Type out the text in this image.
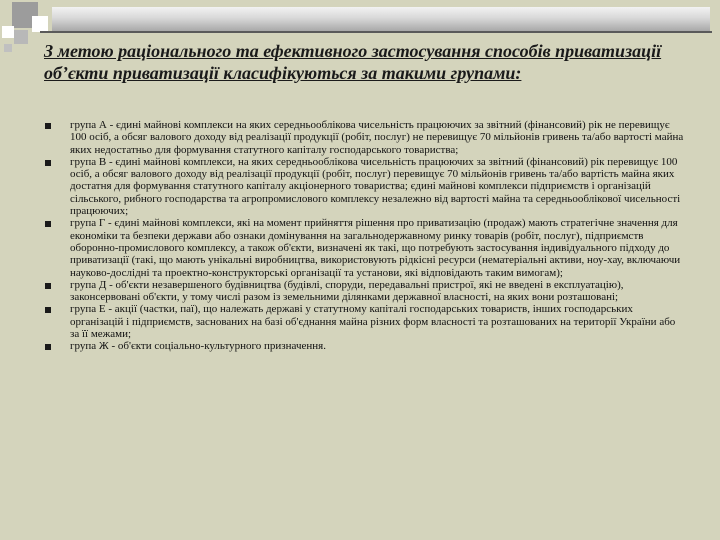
З метою раціонального та ефективного застосування способів приватизації об’єкти приватизації класифікуються за такими групами:
група А - єдині майнові комплекси на яких середньооблікова чисельність працюючих за звітний (фінансовий) рік не перевищує 100 осіб, а обсяг валового доходу від реалізації продукції (робіт, послуг) не перевищує 70 мільйонів гривень та/або вартості майна яких недостатньо для формування статутного капіталу господарського товариства;
група В - єдині майнові комплекси, на яких середньооблікова чисельність працюючих за звітний (фінансовий) рік перевищує 100 осіб, а обсяг валового доходу від реалізації продукції (робіт, послуг) перевищує 70 мільйонів гривень та/або вартість майна яких достатня для формування статутного капіталу акціонерного товариства; єдині майнові комплекси підприємств і організацій сільського, рибного господарства та агропромислового комплексу незалежно від вартості майна та середньооблікової чисельності працюючих;
група Г - єдині майнові комплекси, які на момент прийняття рішення про приватизацію (продаж) мають стратегічне значення для економіки та безпеки держави або ознаки домінування на загальнодержавному ринку товарів (робіт, послуг), підприємств оборонно-промислового комплексу, а також об'єкти, визначені як такі, що потребують застосування індивідуального підходу до приватизації (такі, що мають унікальні виробництва, використовують рідкісні ресурси (нематеріальні активи, ноу-хау, включаючи науково-дослідні та проектно-конструкторські організації та установи, які відповідають таким вимогам);
група Д - об'єкти незавершеного будівництва (будівлі, споруди, передавальні пристрої, які не введені в експлуатацію), законсервовані об'єкти, у тому числі разом із земельними ділянками державної власності, на яких вони розташовані;
група Е - акції (частки, паї), що належать державі у статутному капіталі господарських товариств, інших господарських організацій і підприємств, заснованих на базі об'єднання майна різних форм власності та розташованих на території України або за її межами;
група Ж - об'єкти соціально-культурного призначення.
